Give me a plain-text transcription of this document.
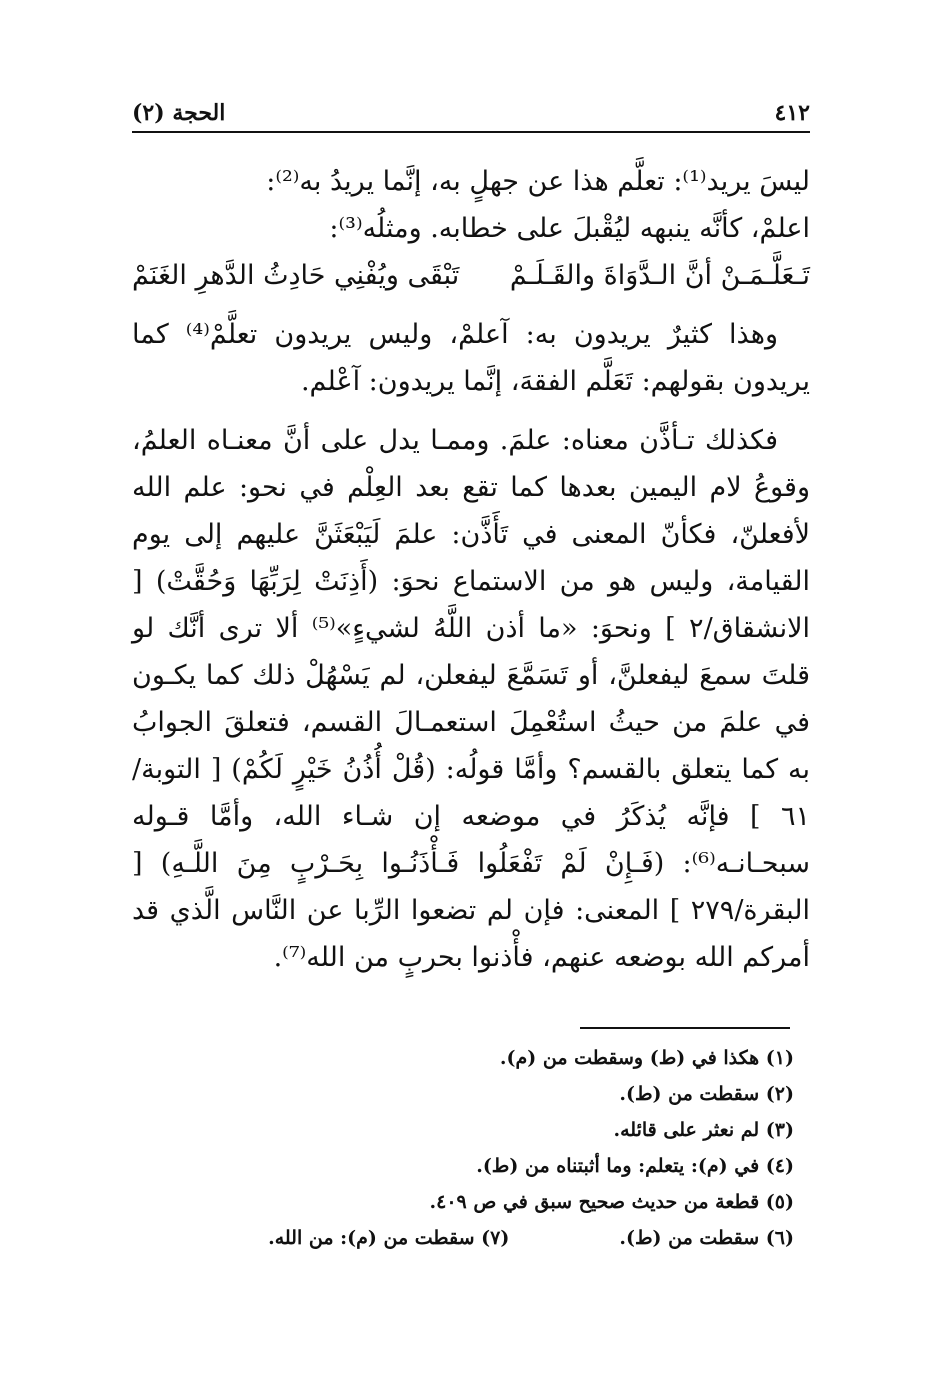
٤١٢
الحجة (٢)

ليسَ يريد⁽¹⁾: تعلَّم هذا عن جهلٍ به، إنَّما يريدُ به⁽²⁾:

اعلمْ، كأنَّه ينبهه ليُقْبلَ على خطابه. ومثلُه⁽³⁾:

تَـعَلَّـمَـنْ أنَّ الـدَّوَاةَ والقَـلَـمْ
تَبْقَى ويُفْنِي حَادِثُ الدَّهرِ الغَنَمْ

وهذا كثيرٌ يريدون به: آعلمْ، وليس يريدون تعلَّمْ⁽⁴⁾ كما يريدون بقولهم: تَعَلَّم الفقهَ، إنَّما يريدون: آعْلم.

فكذلك تـأذَّن معناه: علمَ. وممـا يدل على أنَّ معنـاه العلمُ، وقوعُ لام اليمين بعدها كما تقع بعد العِلْم في نحو: علم الله لأفعلنّ، فكأنّ المعنى في تَأَذَّن: علمَ لَيَبْعَثَنَّ عليهم إلى يوم القيامة، وليس هو من الاستماع نحوَ: (أَذِنَتْ لِرَبِّهَا وَحُقَّتْ) [ الانشقاق/٢ ] ونحوَ: «ما أذن اللَّهُ لشيءٍ»⁽⁵⁾ ألا ترى أنَّك لو قلتَ سمعَ ليفعلنَّ، أو تَسَمَّعَ ليفعلن، لم يَسْهُلْ ذلك كما يكـون في علمَ من حيثُ استُعْمِلَ استعمـالَ القسم، فتعلقَ الجوابُ به كما يتعلق بالقسم؟ وأمَّا قولُه: (قُلْ أُذُنُ خَيْرٍ لَكُمْ) [ التوبة/٦١ ] فإنَّه يُذكَرُ في موضعه إن شـاء الله، وأمَّا قـوله سبحـانـه⁽⁶⁾: (فَـإِنْ لَمْ تَفْعَلُوا فَـأْذَنُـوا بِحَـرْبٍ مِنَ اللَّـهِ) [ البقرة/٢٧٩ ] المعنى: فإن لم تضعوا الرِّبا عن النَّاس الَّذي قد أمركم الله بوضعه عنهم، فأْذنوا بحربٍ من الله⁽⁷⁾.

(١) هكذا في (ط) وسقطت من (م).
(٢) سقطت من (ط).
(٣) لم نعثر على قائله.
(٤) في (م): يتعلم: وما أثبتناه من (ط).
(٥) قطعة من حديث صحيح سبق في ص ٤٠٩.
(٦) سقطت من (ط).
(٧) سقطت من (م): من الله.
